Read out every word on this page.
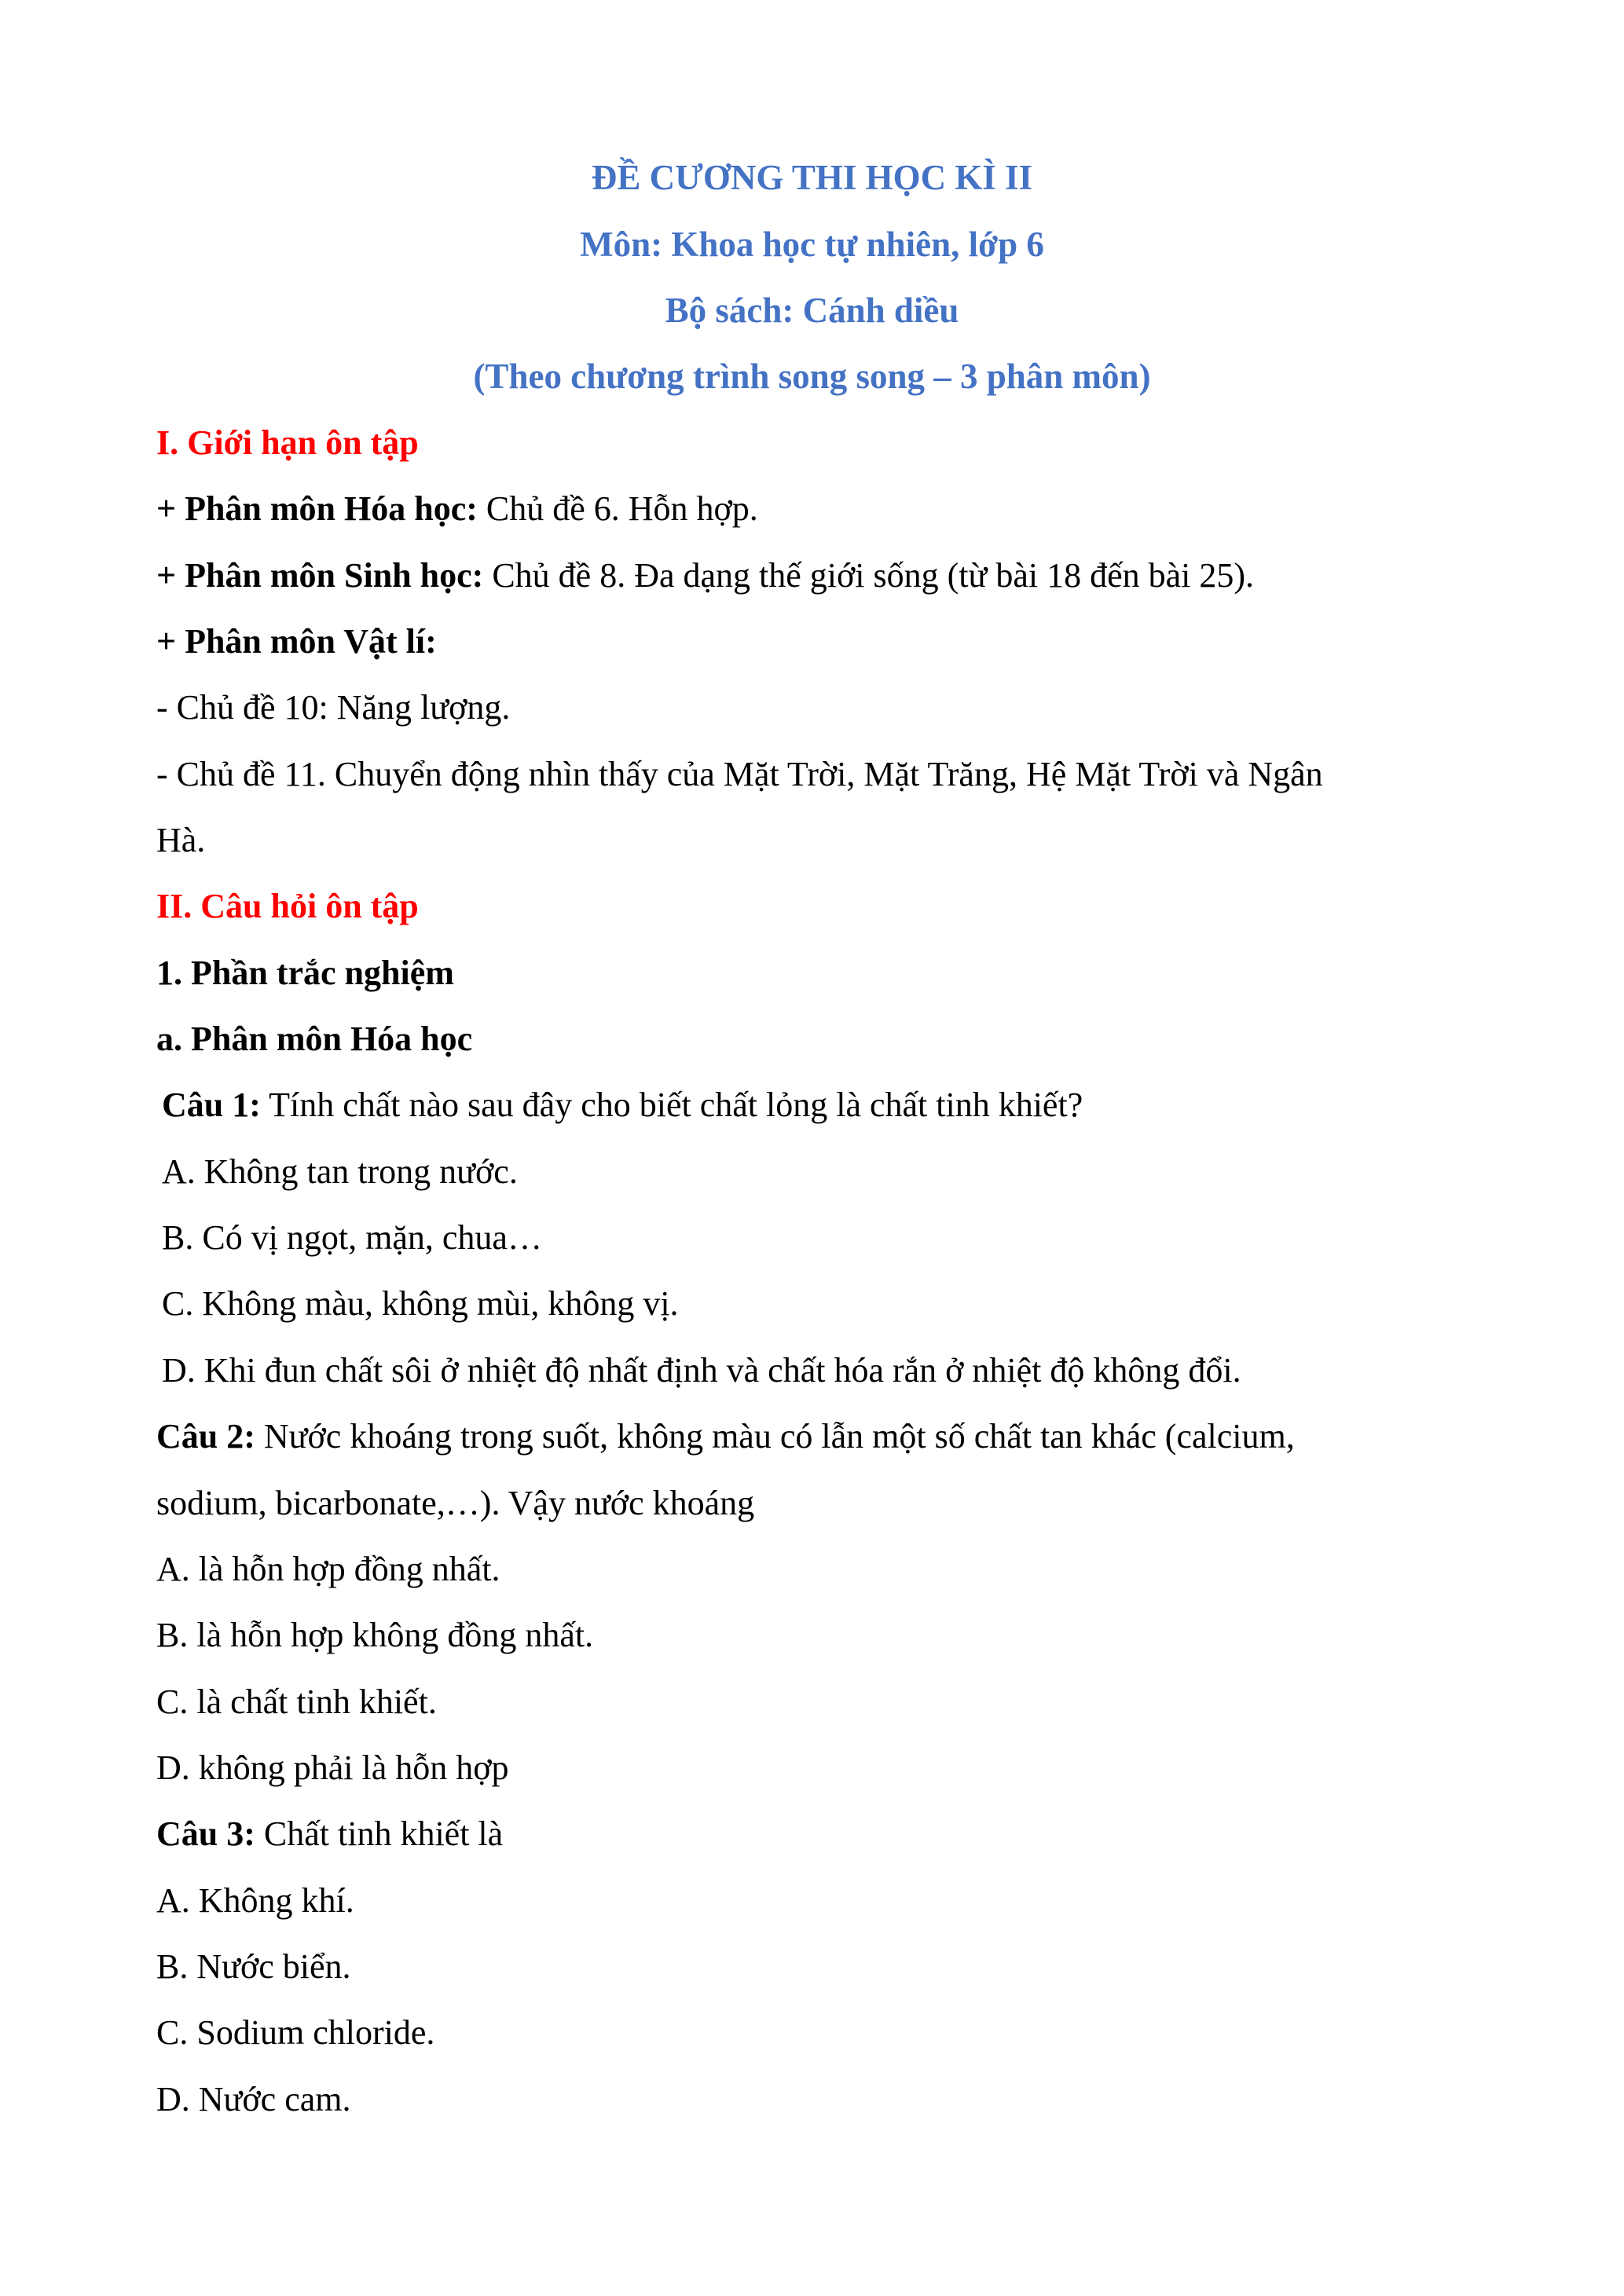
ĐỀ CƯƠNG THI HỌC KÌ II
Môn: Khoa học tự nhiên, lớp 6
Bộ sách: Cánh diều
(Theo chương trình song song – 3 phân môn)
I. Giới hạn ôn tập
+ Phân môn Hóa học: Chủ đề 6. Hỗn hợp.
+ Phân môn Sinh học: Chủ đề 8. Đa dạng thế giới sống (từ bài 18 đến bài 25).
+ Phân môn Vật lí:
- Chủ đề 10: Năng lượng.
- Chủ đề 11. Chuyển động nhìn thấy của Mặt Trời, Mặt Trăng, Hệ Mặt Trời và Ngân
Hà.
II. Câu hỏi ôn tập
1. Phần trắc nghiệm
a. Phân môn Hóa học
Câu 1: Tính chất nào sau đây cho biết chất lỏng là chất tinh khiết?
A. Không tan trong nước.
B. Có vị ngọt, mặn, chua…
C. Không màu, không mùi, không vị.
D. Khi đun chất sôi ở nhiệt độ nhất định và chất hóa rắn ở nhiệt độ không đổi.
Câu 2: Nước khoáng trong suốt, không màu có lẫn một số chất tan khác (calcium,
sodium, bicarbonate,…). Vậy nước khoáng
A. là hỗn hợp đồng nhất.
B. là hỗn hợp không đồng nhất.
C. là chất tinh khiết.
D. không phải là hỗn hợp
Câu 3: Chất tinh khiết là
A. Không khí.
B. Nước biển.
C. Sodium chloride.
D. Nước cam.
